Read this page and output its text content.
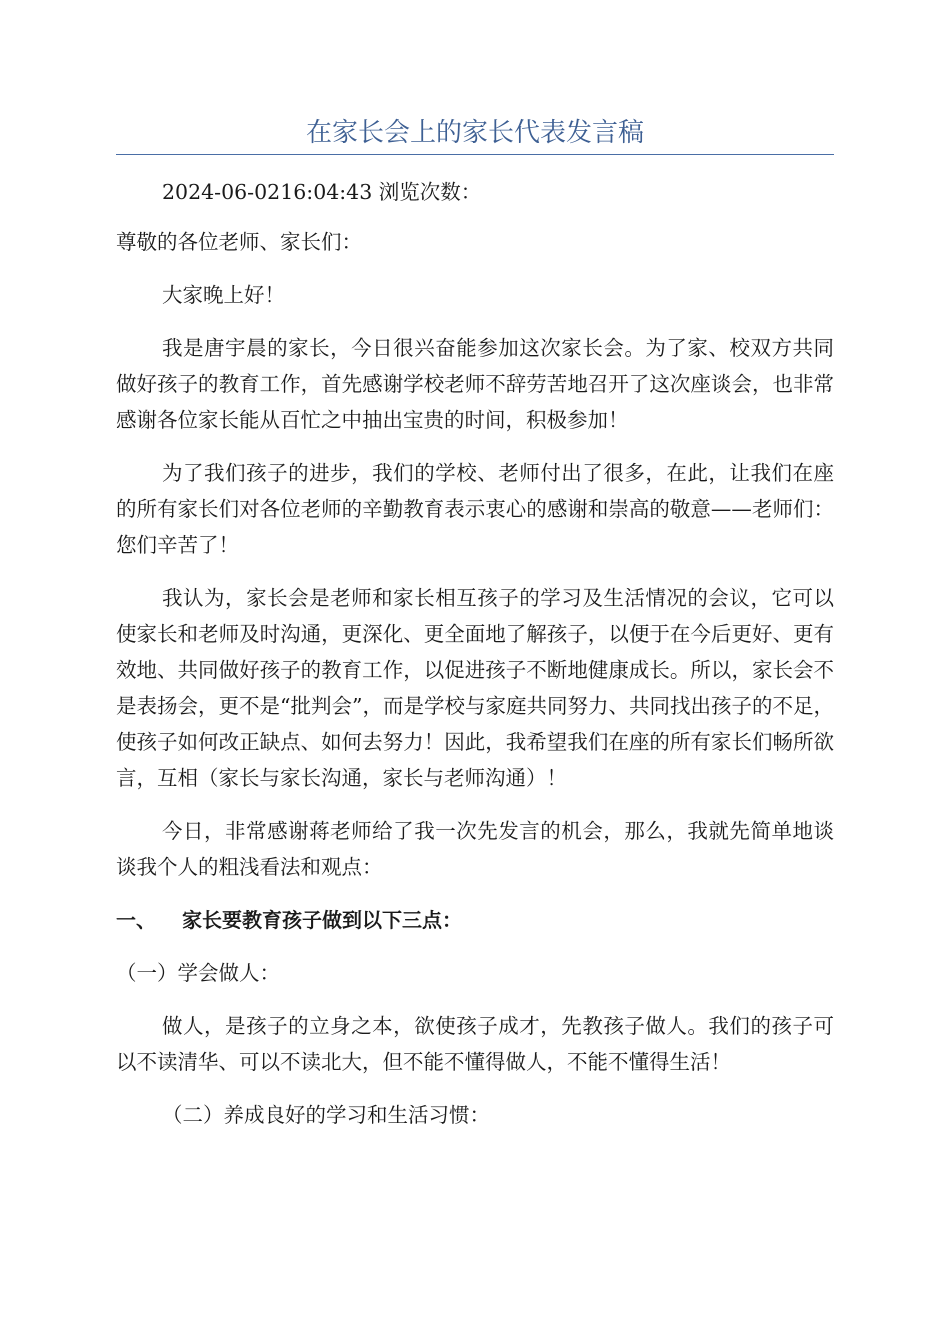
在家长会上的家长代表发言稿

2024-06-0216:04:43 浏览次数：

尊敬的各位老师、家长们：

大家晚上好！

我是唐宇晨的家长，今日很兴奋能参加这次家长会。为了家、校双方共同做好孩子的教育工作，首先感谢学校老师不辞劳苦地召开了这次座谈会，也非常感谢各位家长能从百忙之中抽出宝贵的时间，积极参加！

为了我们孩子的进步，我们的学校、老师付出了很多，在此，让我们在座的所有家长们对各位老师的辛勤教育表示衷心的感谢和崇高的敬意——老师们：您们辛苦了！

我认为，家长会是老师和家长相互孩子的学习及生活情况的会议，它可以使家长和老师及时沟通，更深化、更全面地了解孩子，以便于在今后更好、更有效地、共同做好孩子的教育工作，以促进孩子不断地健康成长。所以，家长会不是表扬会，更不是“批判会”，而是学校与家庭共同努力、共同找出孩子的不足，使孩子如何改正缺点、如何去努力！因此，我希望我们在座的所有家长们畅所欲言，互相（家长与家长沟通，家长与老师沟通）！

今日，非常感谢蒋老师给了我一次先发言的机会，那么，我就先简单地谈谈我个人的粗浅看法和观点：

一、	家长要教育孩子做到以下三点：

（一）学会做人：

做人，是孩子的立身之本，欲使孩子成才，先教孩子做人。我们的孩子可以不读清华、可以不读北大，但不能不懂得做人，不能不懂得生活！

（二）养成良好的学习和生活习惯：
